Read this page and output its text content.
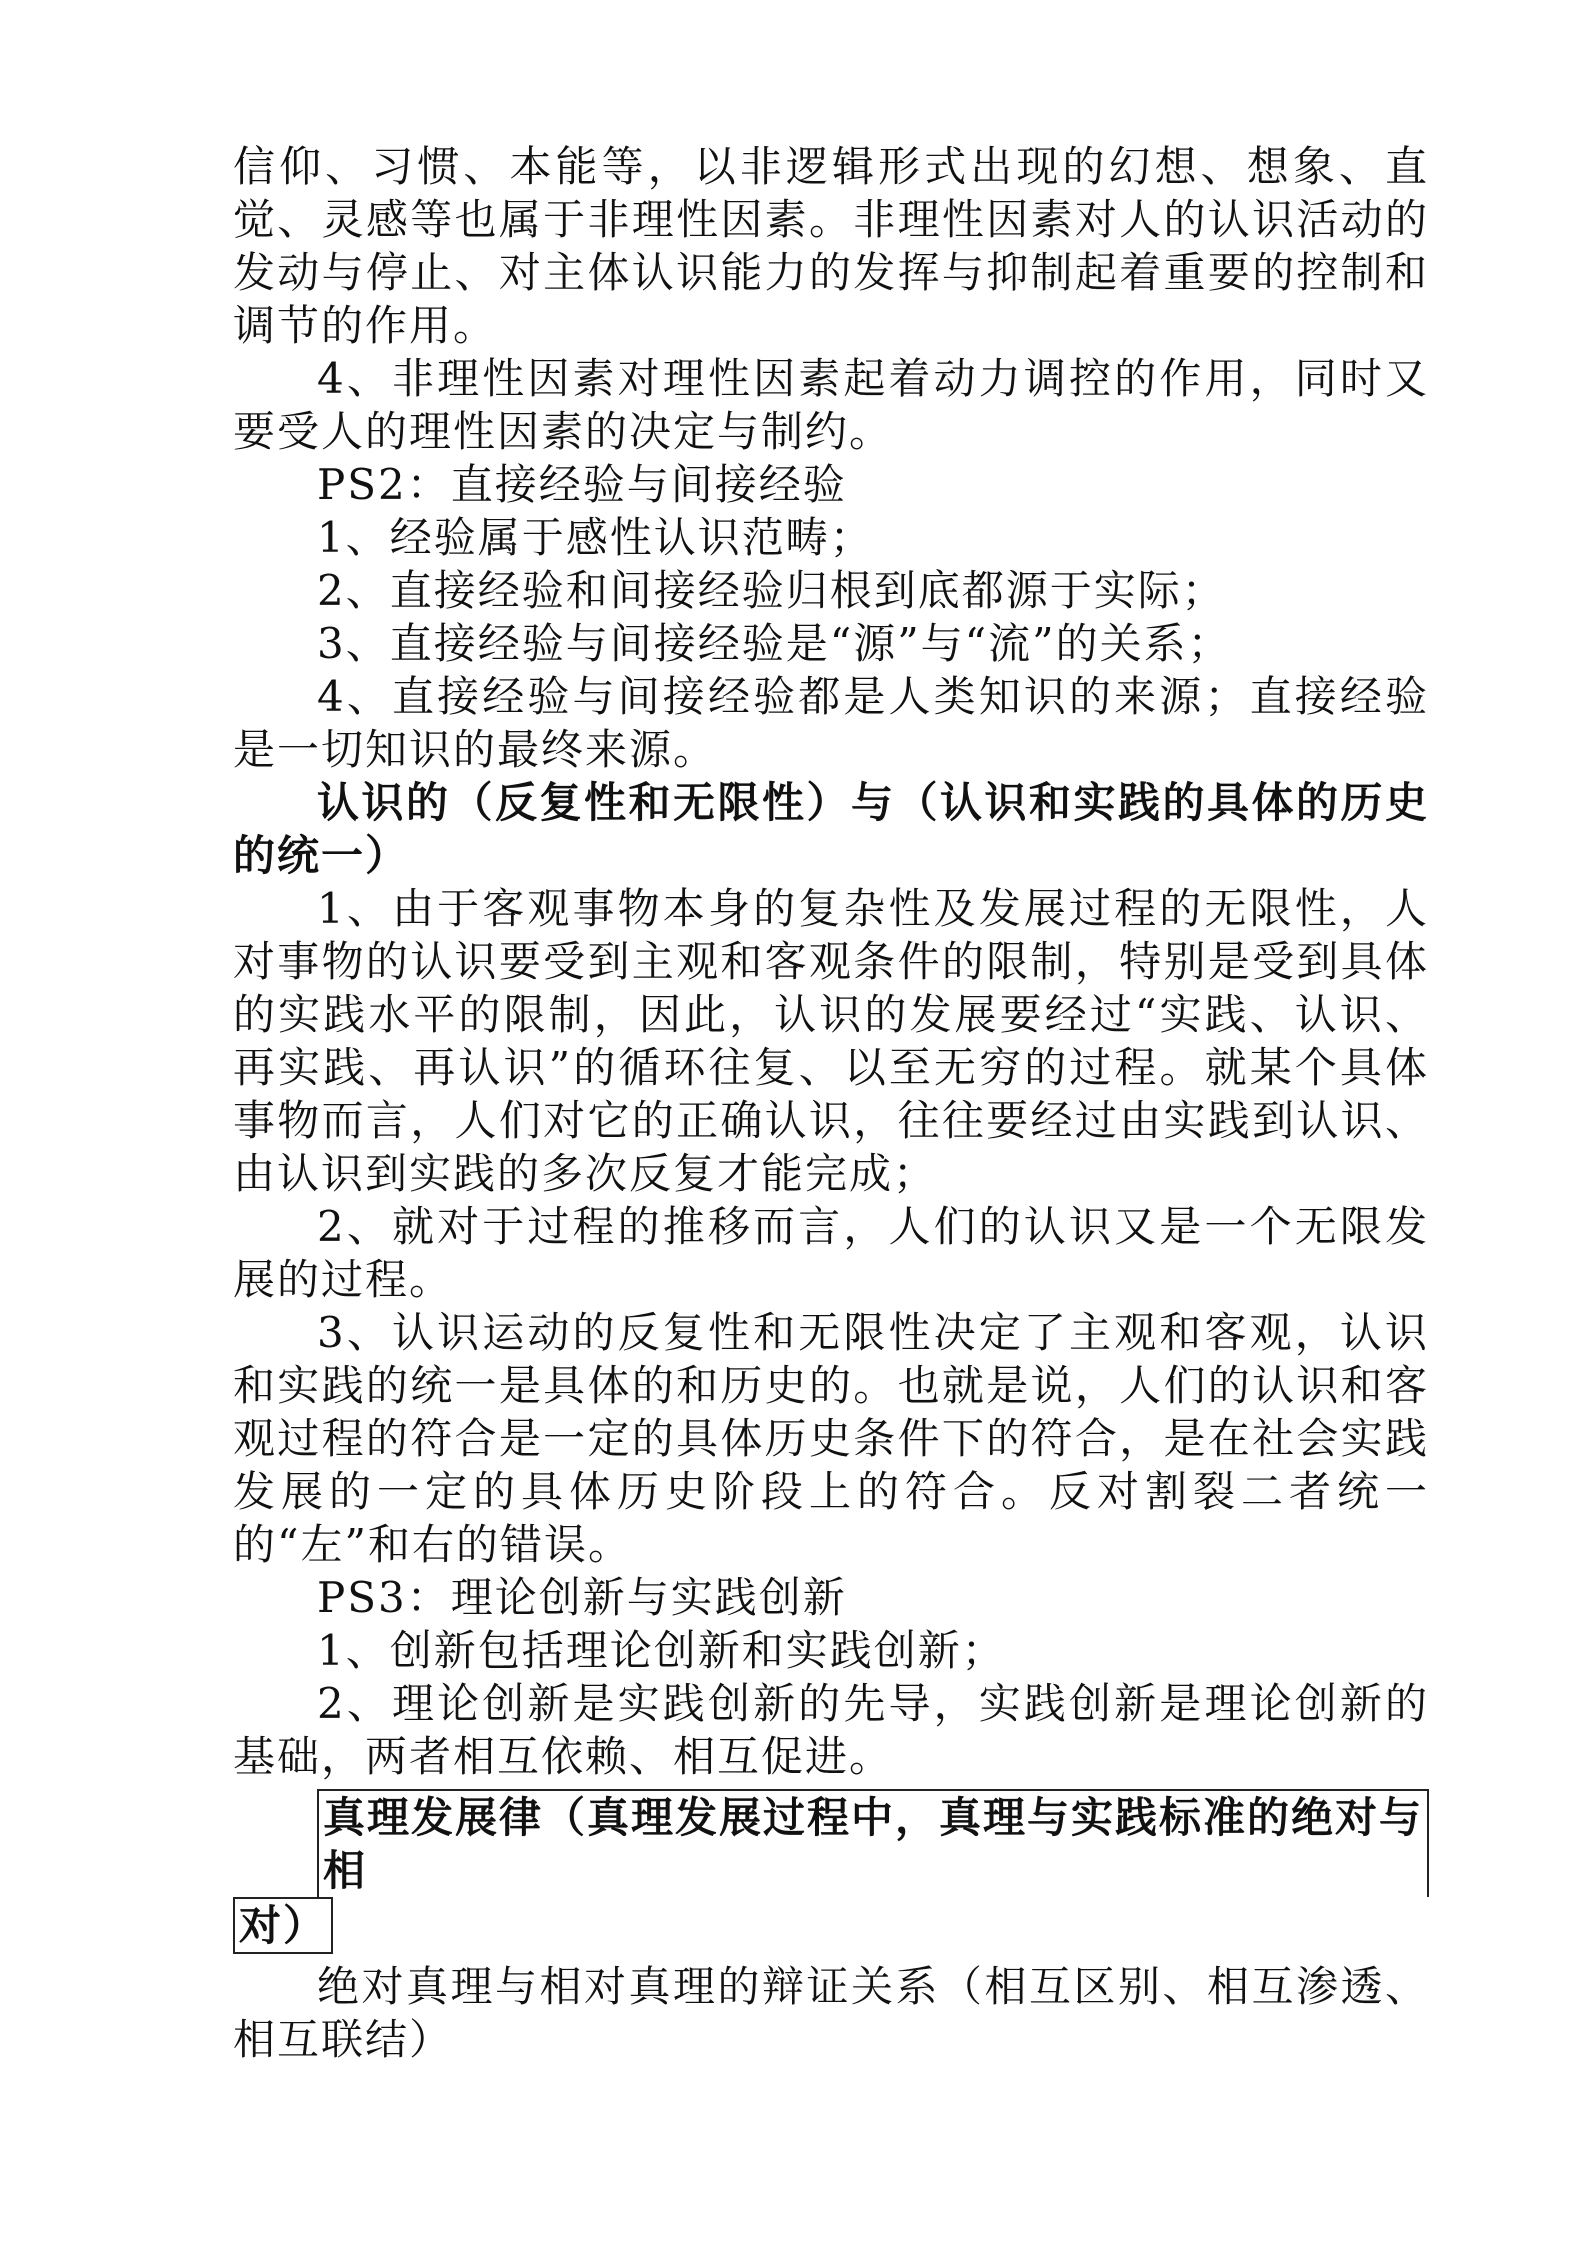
信仰、习惯、本能等，以非逻辑形式出现的幻想、想象、直觉、灵感等也属于非理性因素。非理性因素对人的认识活动的发动与停止、对主体认识能力的发挥与抑制起着重要的控制和调节的作用。

4、非理性因素对理性因素起着动力调控的作用，同时又要受人的理性因素的决定与制约。

PS2：直接经验与间接经验

1、经验属于感性认识范畴；

2、直接经验和间接经验归根到底都源于实际；

3、直接经验与间接经验是“源”与“流”的关系；

4、直接经验与间接经验都是人类知识的来源；直接经验是一切知识的最终来源。

认识的（反复性和无限性）与（认识和实践的具体的历史的统一）

1、由于客观事物本身的复杂性及发展过程的无限性，人对事物的认识要受到主观和客观条件的限制，特别是受到具体的实践水平的限制，因此，认识的发展要经过“实践、认识、再实践、再认识”的循环往复、以至无穷的过程。就某个具体事物而言，人们对它的正确认识，往往要经过由实践到认识、由认识到实践的多次反复才能完成；

2、就对于过程的推移而言，人们的认识又是一个无限发展的过程。

3、认识运动的反复性和无限性决定了主观和客观，认识和实践的统一是具体的和历史的。也就是说，人们的认识和客观过程的符合是一定的具体历史条件下的符合，是在社会实践发展的一定的具体历史阶段上的符合。反对割裂二者统一的“左”和右的错误。

PS3：理论创新与实践创新

1、创新包括理论创新和实践创新；

2、理论创新是实践创新的先导，实践创新是理论创新的基础，两者相互依赖、相互促进。

真理发展律（真理发展过程中，真理与实践标准的绝对与相
对）

绝对真理与相对真理的辩证关系（相互区别、相互渗透、相互联结）
